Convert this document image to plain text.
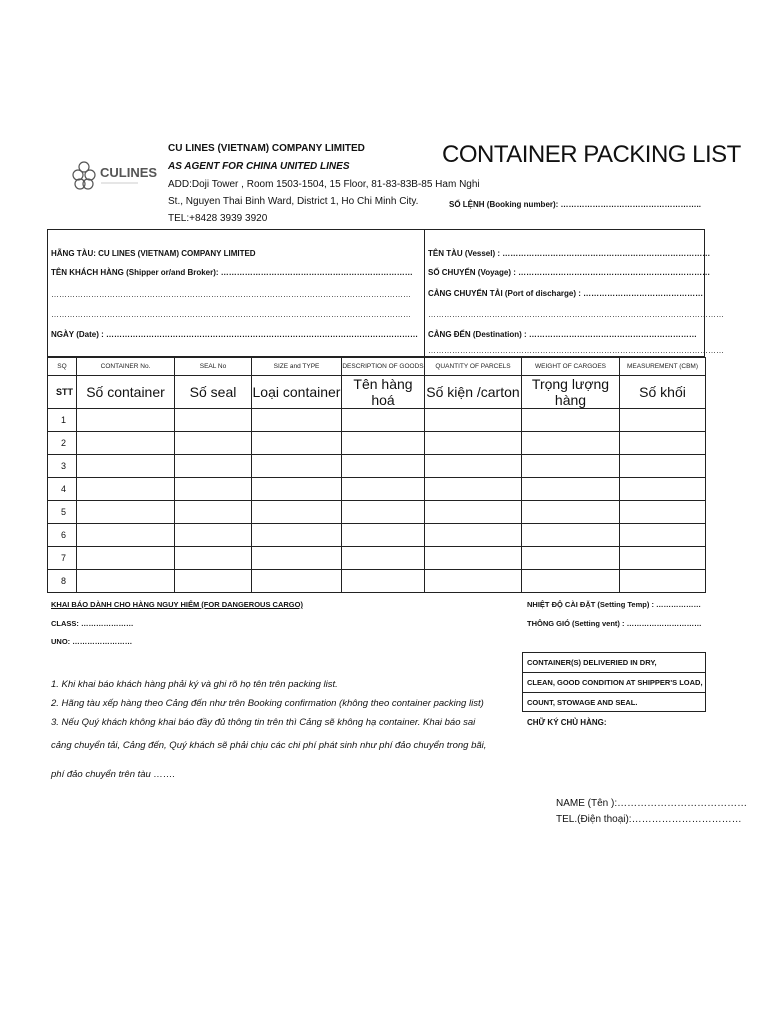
CULINES
CU LINES (VIETNAM) COMPANY LIMITED
AS AGENT FOR CHINA UNITED LINES
ADD:Doji Tower , Room 1503-1504, 15 Floor, 81-83-83B-85 Ham Nghi
St., Nguyen Thai Binh Ward, District 1, Ho Chi Minh City.
TEL:+8428 3939 3920
CONTAINER PACKING LIST
SỐ LỆNH (Booking number): ……………………………………………..
HÃNG TÀU: CU LINES (VIETNAM) COMPANY LIMITED
TÊN KHÁCH HÀNG (Shipper or/and Broker): ………………………………………………………………
………………………………………………………………………………………………………………………
………………………………………………………………………………………………………………………
NGÀY (Date) : ………………………………………………………………………………………………………
TÊN TÀU (Vessel) : ……………………………………………………………………
SỐ CHUYẾN (Voyage) : ………………………………………………………………
CẢNG CHUYỂN TẢI (Port of discharge) : ………………………………………
…………………………………………………………………………………………………
CẢNG ĐẾN (Destination) : ………………………………………………………
…………………………………………………………………………………………………
SQ	CONTAINER No.	SEAL No	SIZE and TYPE	DESCRIPTION OF GOODS	QUANTITY OF PARCELS	WEIGHT OF CARGOES	MEASUREMENT (CBM)
STT	Số container	Số seal	Loại container	Tên hàng hoá	Số kiện /carton	Trọng lượng hàng	Số khối
1							
2							
3							
4							
5							
6							
7							
8							
KHAI BÁO DÀNH CHO HÀNG NGUY HIỂM (FOR DANGEROUS CARGO)
CLASS: …………………
UNO: ……………………
NHIỆT ĐỘ CÀI ĐẶT (Setting Temp) : ………………
THÔNG GIÓ (Setting vent) : …………………………
1. Khi khai báo khách hàng phải ký và ghi rõ họ tên trên packing list.
2. Hãng tàu xếp hàng theo Cảng đến như trên Booking confirmation (không theo container packing list)
3. Nếu Quý khách không khai báo đầy đủ thông tin trên thì Cảng sẽ không hạ container. Khai báo sai
cảng chuyển tải, Cảng đến, Quý khách sẽ phải chịu các chi phí phát sinh như phí đảo chuyển trong bãi,
phí đảo chuyển trên tàu …….
CONTAINER(S) DELIVERIED IN DRY,
CLEAN, GOOD CONDITION AT SHIPPER'S LOAD,
COUNT, STOWAGE AND SEAL.
CHỮ KÝ CHỦ HÀNG:
NAME (Tên ):…………………………………
TEL.(Điện thoại):……………………………
